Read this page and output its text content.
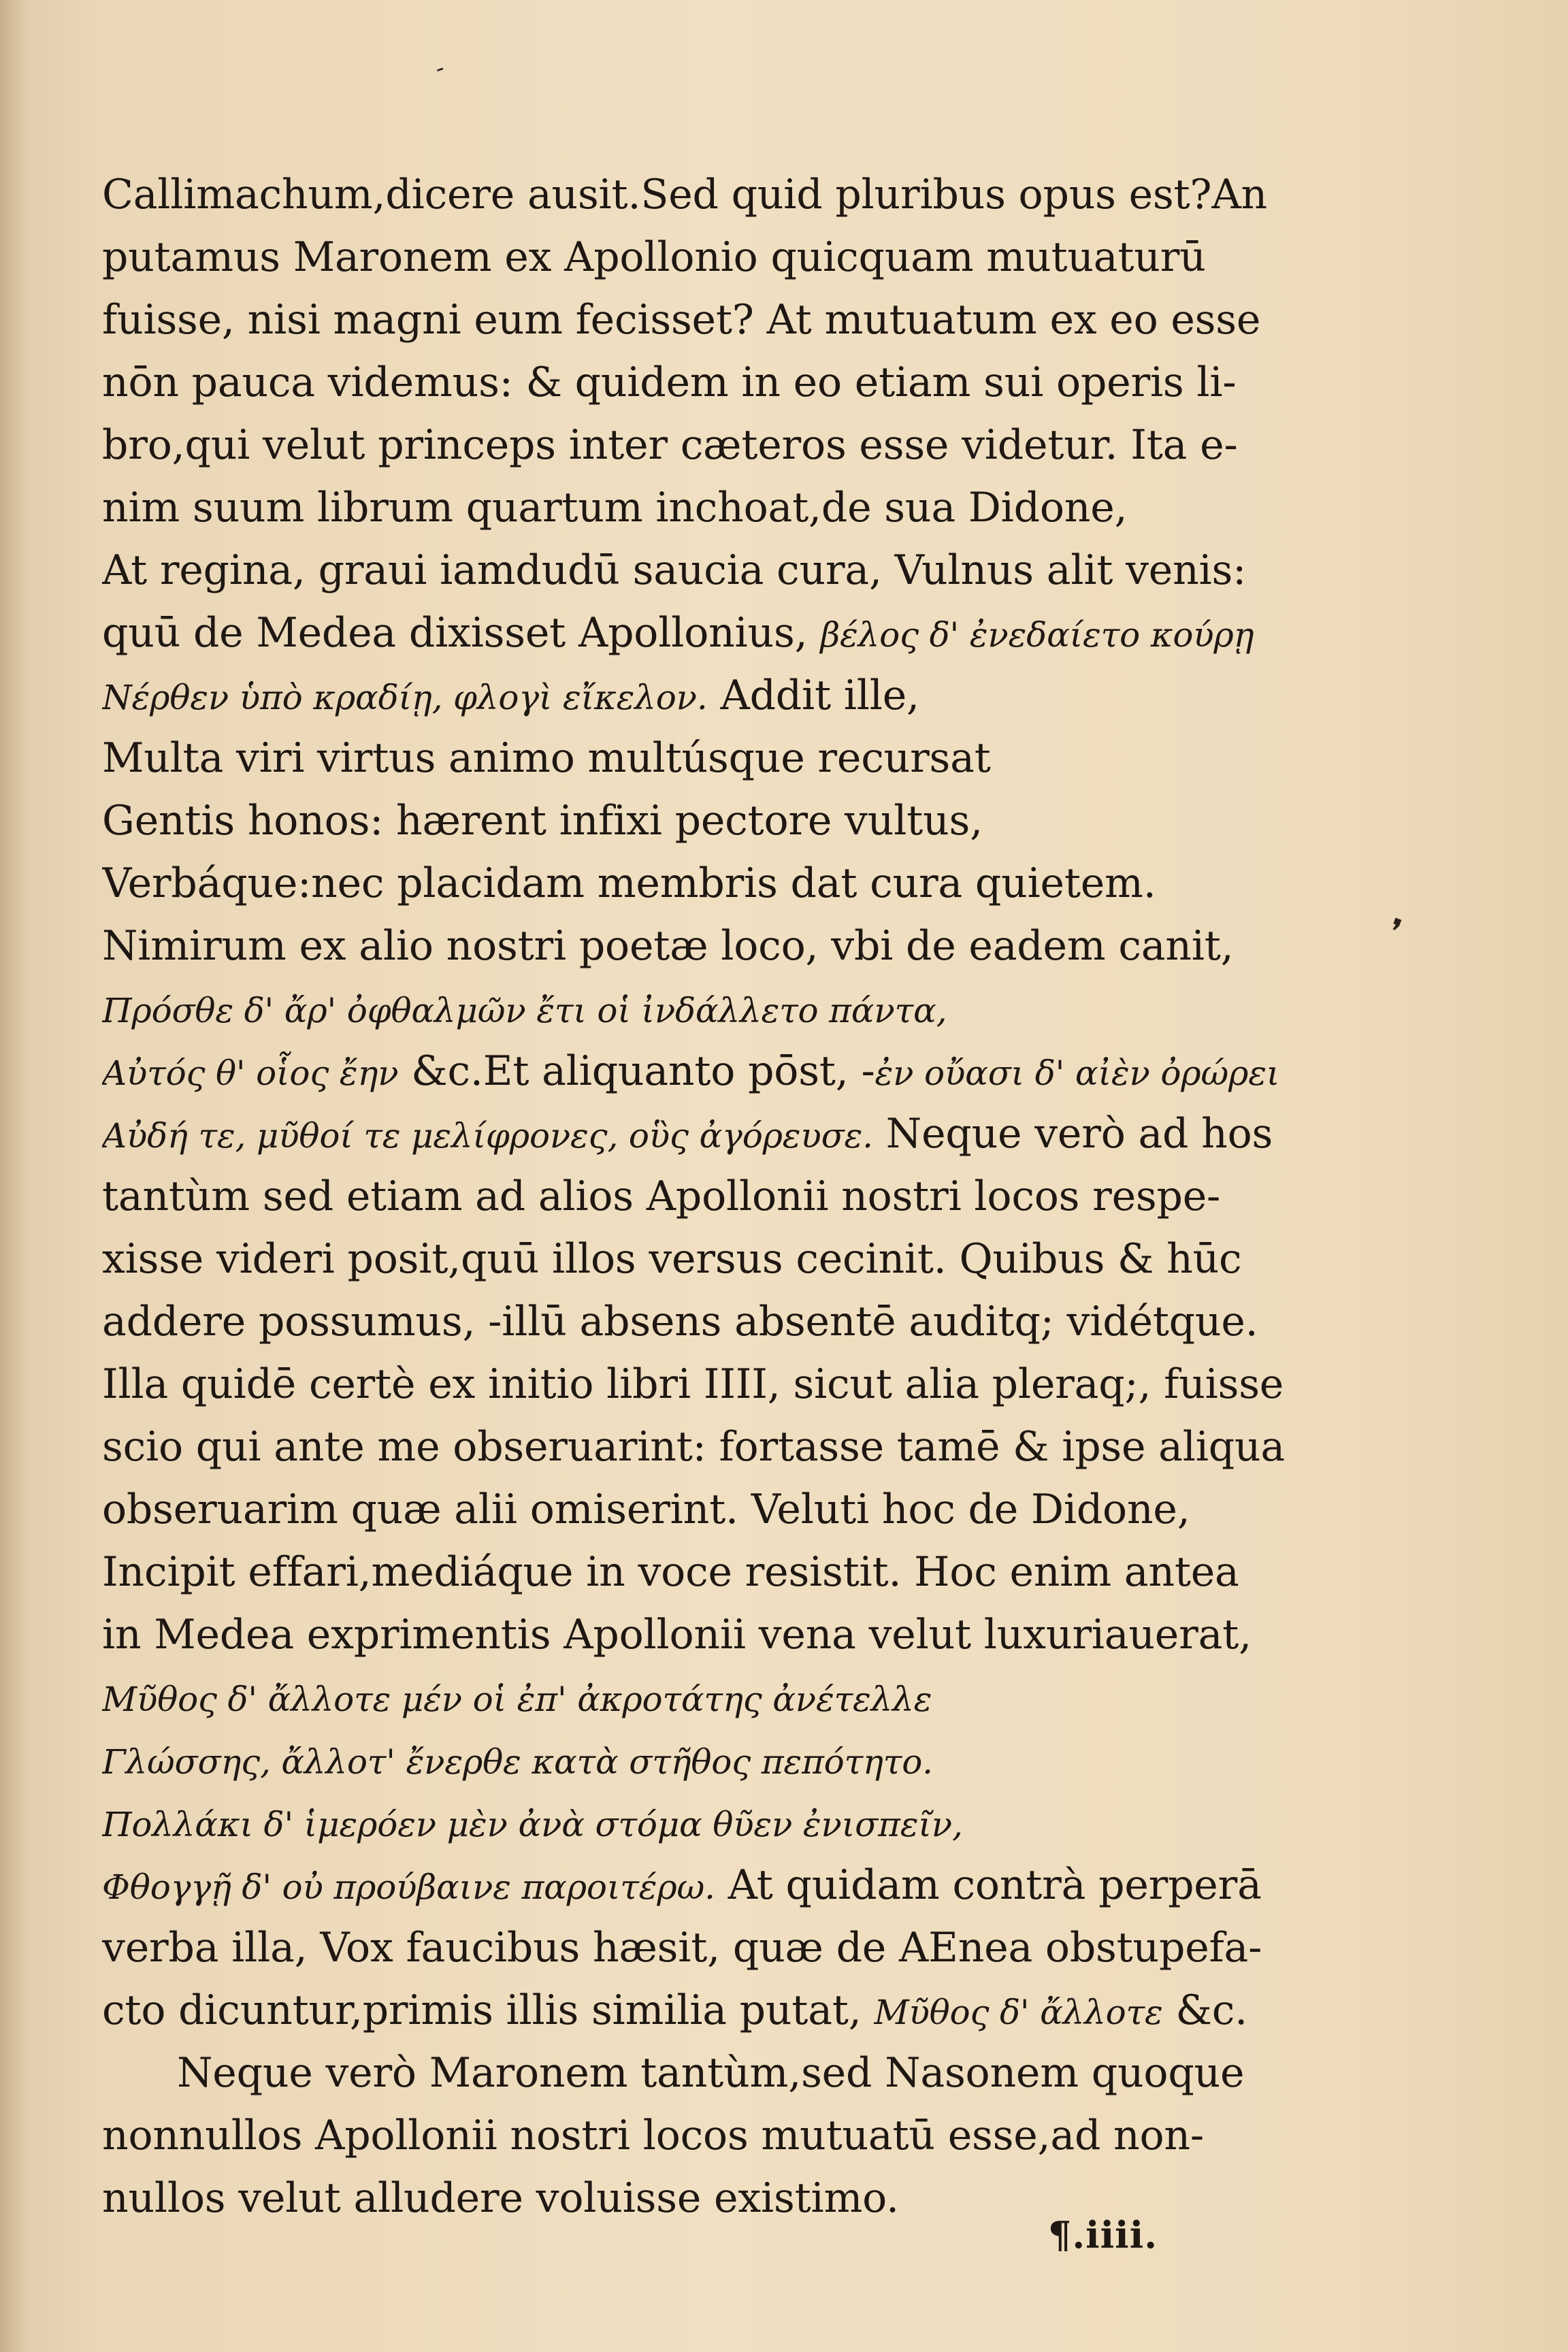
‐
❜
Callimachum,dicere ausit.Sed quid pluribus opus est?An
putamus Maronem ex Apollonio quicquam mutuaturū
fuisse, nisi magni eum fecisset? At mutuatum ex eo esse
nōn pauca videmus: & quidem in eo etiam sui operis li-
bro,qui velut princeps inter cæteros esse videtur. Ita e-
nim suum librum quartum inchoat,de sua Didone,
At regina, graui iamdudū saucia cura, Vulnus alit venis:
quū de Medea dixisset Apollonius, βέλος δ' ἐνεδαίετο κούρῃ
Νέρθεν ὑπὸ κραδίῃ, φλογὶ εἴκελον. Addit ille,
Multa viri virtus animo multúsque recursat
Gentis honos: hærent infixi pectore vultus,
Verbáque:nec placidam membris dat cura quietem.
Nimirum ex alio nostri poetæ loco, vbi de eadem canit,
Πρόσθε δ' ἄρ' ὀφθαλμῶν ἔτι οἱ ἰνδάλλετο πάντα,
Αὐτός θ' οἷος ἔην &c.Et aliquanto pōst, -ἐν οὔασι δ' αἰὲν ὀρώρει
Αὐδή τε, μῦθοί τε μελίφρονες, οὓς ἀγόρευσε. Neque verò ad hos
tantùm sed etiam ad alios Apollonii nostri locos respe-
xisse videri posit,quū illos versus cecinit. Quibus & hūc
addere possumus, -illū absens absentē auditq; vidétque.
Illa quidē certè ex initio libri IIII, sicut alia pleraq;, fuisse
scio qui ante me obseruarint: fortasse tamē & ipse aliqua
obseruarim quæ alii omiserint. Veluti hoc de Didone,
Incipit effari,mediáque in voce resistit. Hoc enim antea
in Medea exprimentis Apollonii vena velut luxuriauerat,
Μῦθος δ' ἄλλοτε μέν οἱ ἐπ' ἀκροτάτης ἀνέτελλε
Γλώσσης, ἄλλοτ' ἔνερθε κατὰ στῆθος πεπότητο.
Πολλάκι δ' ἱμερόεν μὲν ἀνὰ στόμα θῦεν ἐνισπεῖν,
Φθογγῇ δ' οὐ προύβαινε παροιτέρω. At quidam contrà perperā
verba illa, Vox faucibus hæsit, quæ de AEnea obstupefa-
cto dicuntur,primis illis similia putat, Μῦθος δ' ἄλλοτε &c.
Neque verò Maronem tantùm,sed Nasonem quoque
nonnullos Apollonii nostri locos mutuatū esse,ad non-
nullos velut alludere voluisse existimo.
¶.iiii.
